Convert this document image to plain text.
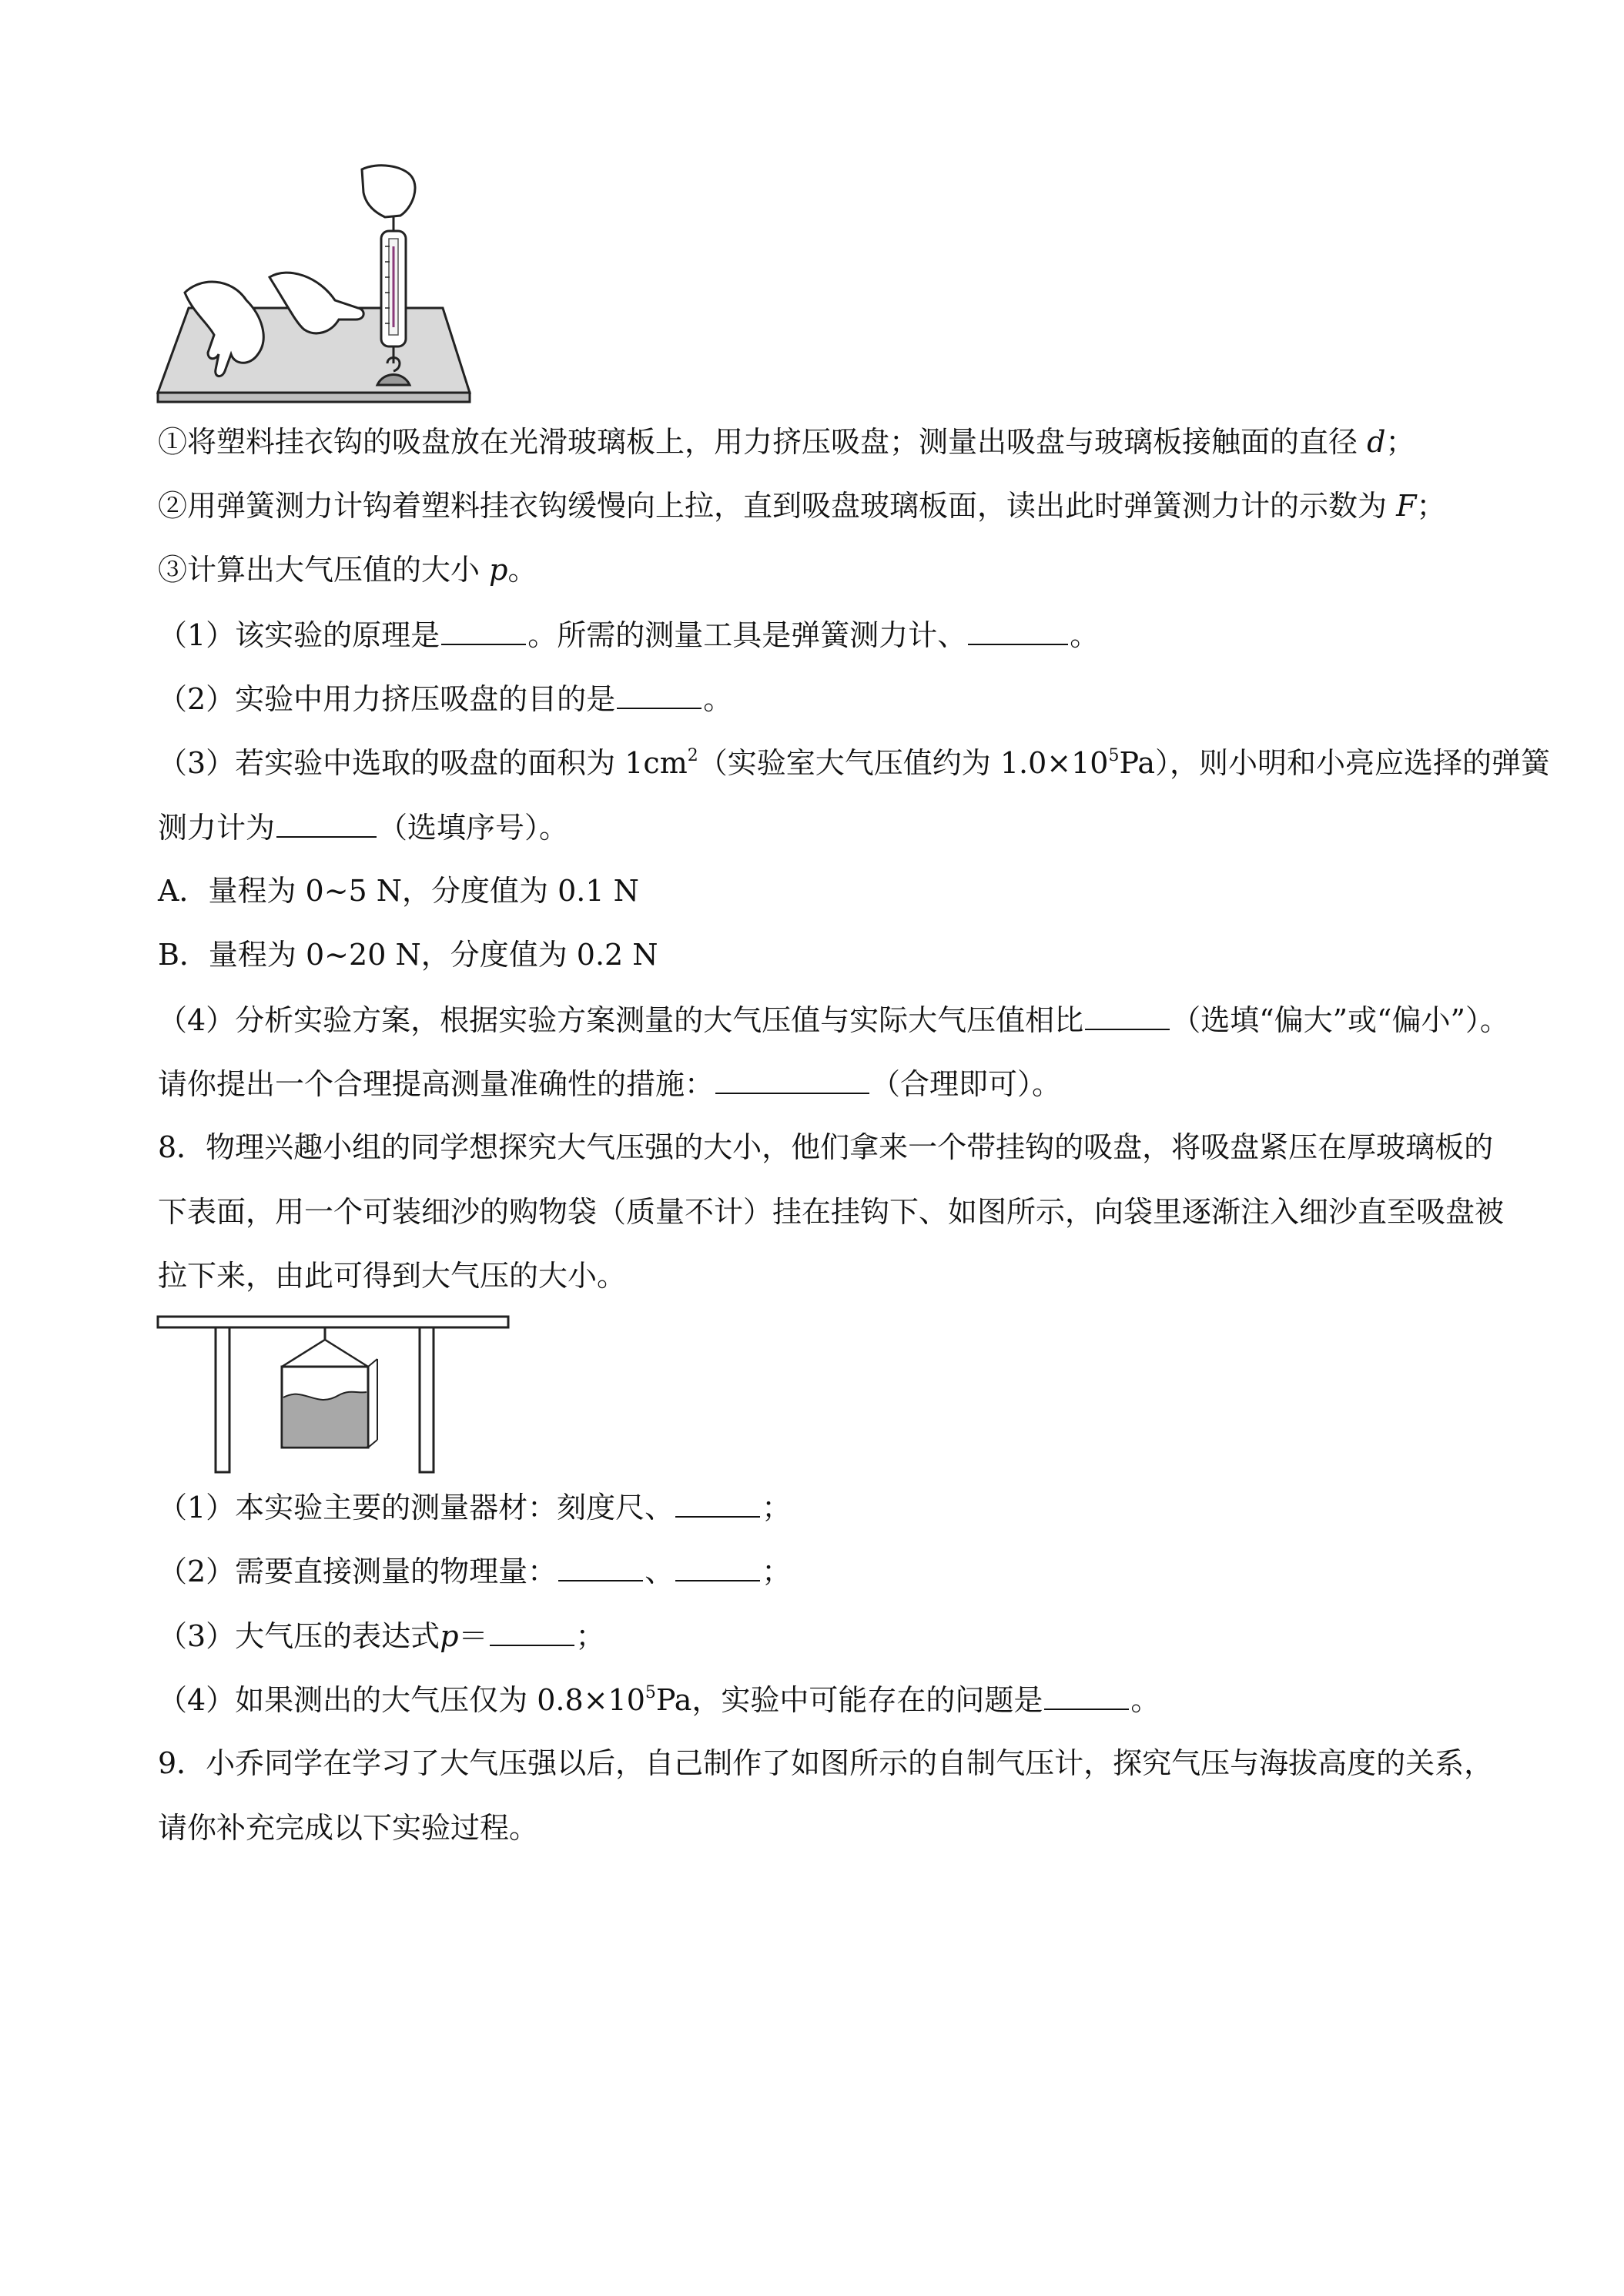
①将塑料挂衣钩的吸盘放在光滑玻璃板上，用力挤压吸盘；测量出吸盘与玻璃板接触面的直径 d；
②用弹簧测力计钩着塑料挂衣钩缓慢向上拉，直到吸盘玻璃板面，读出此时弹簧测力计的示数为 F；
③计算出大气压值的大小 p。
（1）该实验的原理是	。所需的测量工具是弹簧测力计、	。
（2）实验中用力挤压吸盘的目的是	。
（3）若实验中选取的吸盘的面积为 $1cm^2$（实验室大气压值约为 $1.0\times 10^5Pa$），则小明和小亮应选择的弹簧
测力计为	（选填序号）。
A．量程为 0~5 N，分度值为 0.1 N
B．量程为 0~20 N，分度值为 0.2 N
（4）分析实验方案，根据实验方案测量的大气压值与实际大气压值相比	（选填“偏大”或“偏小”）。
请你提出一个合理提高测量准确性的措施：	（合理即可）。
8．物理兴趣小组的同学想探究大气压强的大小，他们拿来一个带挂钩的吸盘，将吸盘紧压在厚玻璃板的
下表面，用一个可装细沙的购物袋（质量不计）挂在挂钩下、如图所示，向袋里逐渐注入细沙直至吸盘被
拉下来，由此可得到大气压的大小。
（1）本实验主要的测量器材：刻度尺、	；
（2）需要直接测量的物理量：	、	；
（3）大气压的表达式p＝	；
（4）如果测出的大气压仅为 $0.8\times 10^5Pa$，实验中可能存在的问题是	。
9．小乔同学在学习了大气压强以后，自己制作了如图所示的自制气压计，探究气压与海拔高度的关系，
请你补充完成以下实验过程。
